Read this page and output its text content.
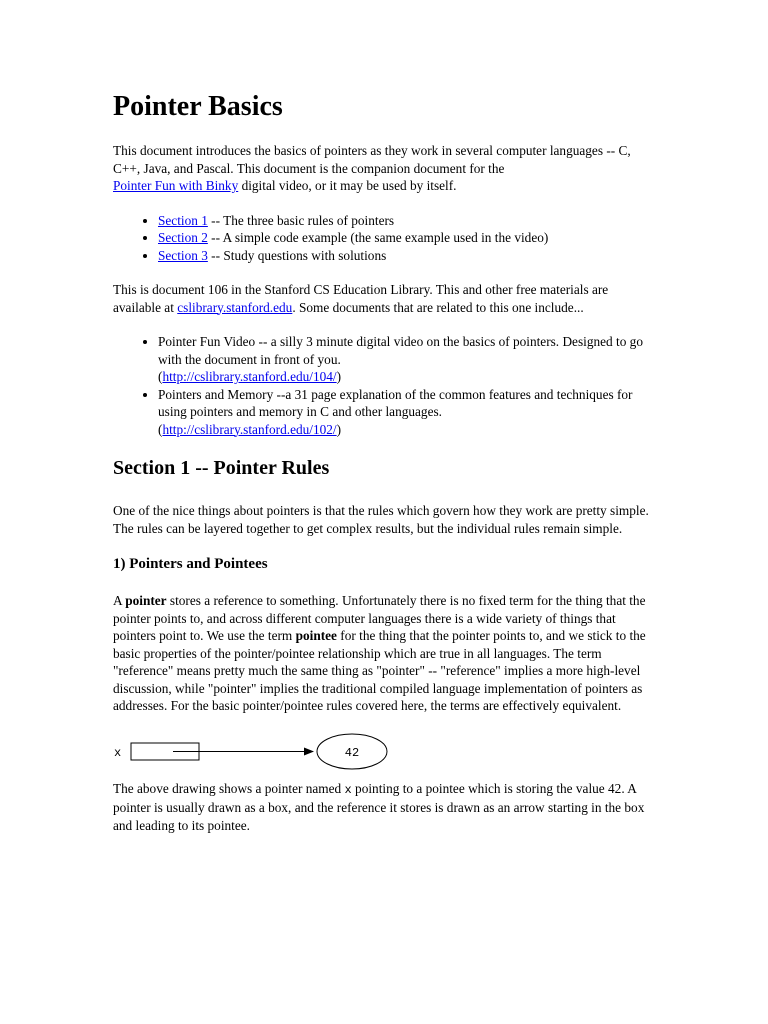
Pointer Basics

This document introduces the basics of pointers as they work in several computer languages -- C, C++, Java, and Pascal. This document is the companion document for the
Pointer Fun with Binky digital video, or it may be used by itself.

• Section 1 -- The three basic rules of pointers
• Section 2 -- A simple code example (the same example used in the video)
• Section 3 -- Study questions with solutions

This is document 106 in the Stanford CS Education Library. This and other free materials are available at cslibrary.stanford.edu. Some documents that are related to this one include...

• Pointer Fun Video -- a silly 3 minute digital video on the basics of pointers. Designed to go with the document in front of you.
(http://cslibrary.stanford.edu/104/)
• Pointers and Memory --a 31 page explanation of the common features and techniques for using pointers and memory in C and other languages.
(http://cslibrary.stanford.edu/102/)
Section 1 -- Pointer Rules

One of the nice things about pointers is that the rules which govern how they work are pretty simple. The rules can be layered together to get complex results, but the individual rules remain simple.

1) Pointers and Pointees

A pointer stores a reference to something. Unfortunately there is no fixed term for the thing that the pointer points to, and across different computer languages there is a wide variety of things that pointers point to. We use the term pointee for the thing that the pointer points to, and we stick to the basic properties of the pointer/pointee relationship which are true in all languages. The term "reference" means pretty much the same thing as "pointer" -- "reference" implies a more high-level discussion, while "pointer" implies the traditional compiled language implementation of pointers as addresses. For the basic pointer/pointee rules covered here, the terms are effectively equivalent.

x	42

The above drawing shows a pointer named x pointing to a pointee which is storing the value 42. A pointer is usually drawn as a box, and the reference it stores is drawn as an arrow starting in the box and leading to its pointee.
